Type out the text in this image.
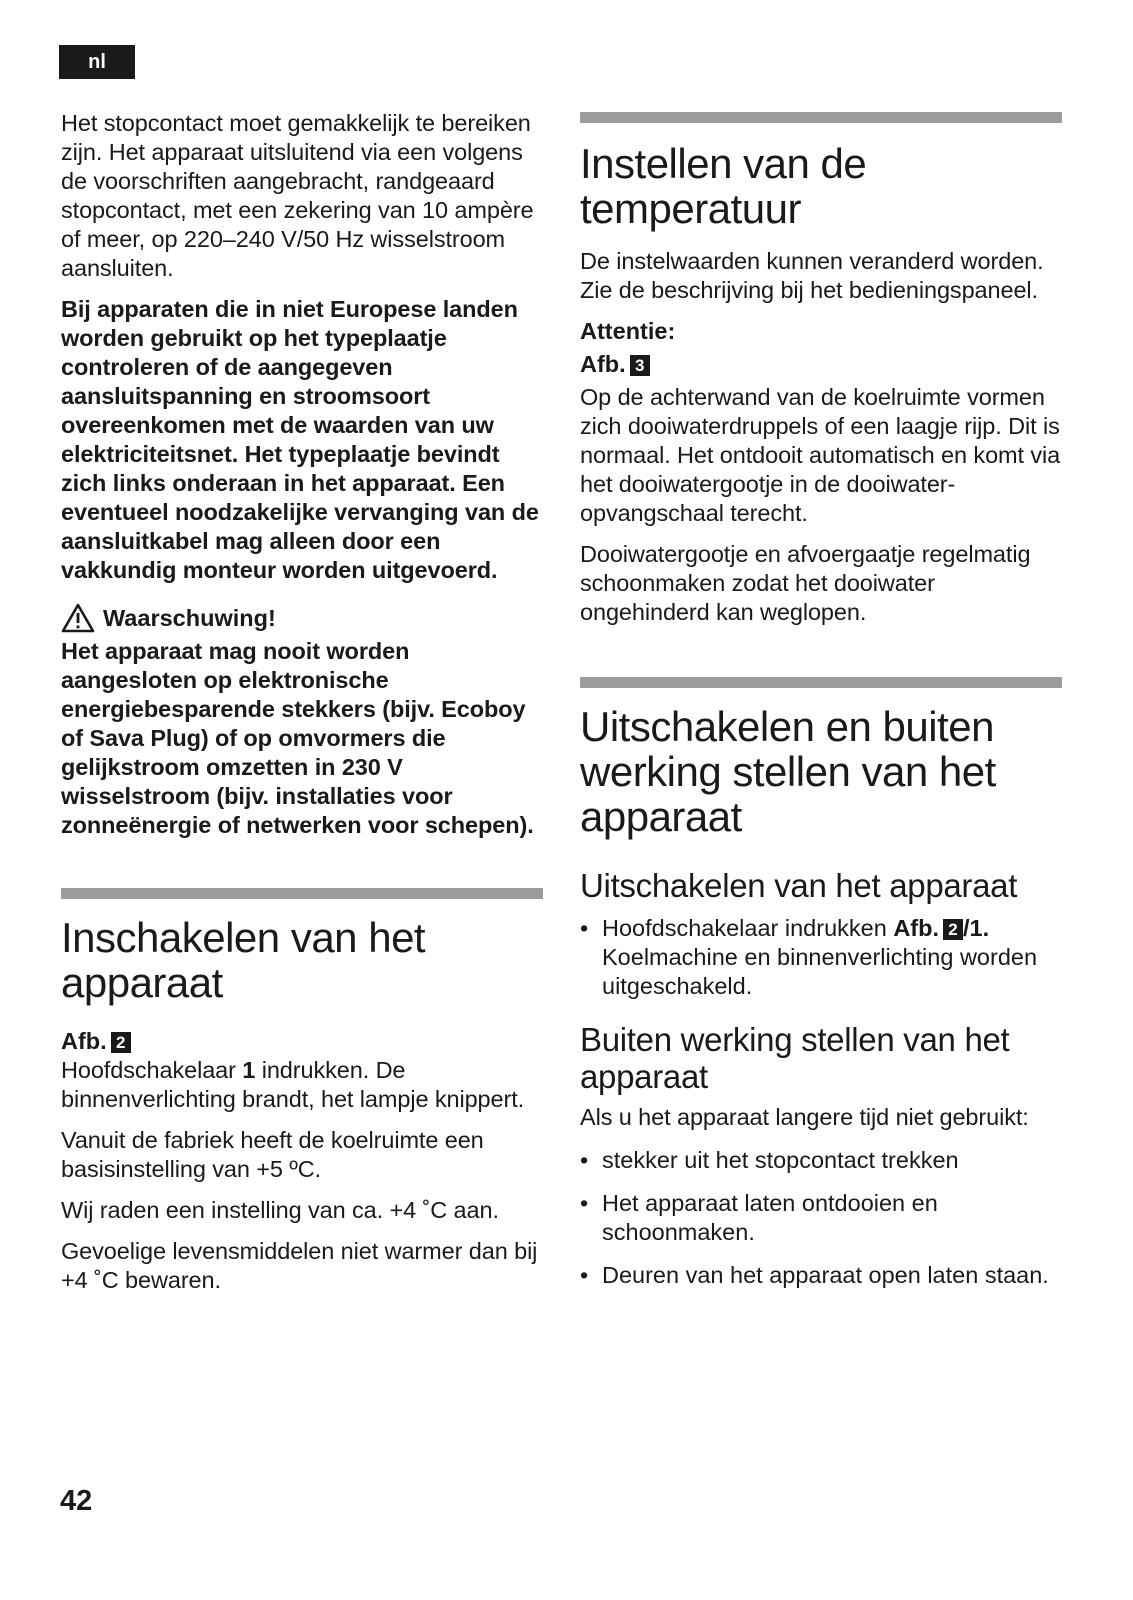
nl

Het stopcontact moet gemakkelijk te bereiken zijn. Het apparaat uitsluitend via een volgens de voorschriften aangebracht, randgeaard stopcontact, met een zekering van 10 ampère of meer, op 220–240 V/50 Hz wisselstroom aansluiten.

Bij apparaten die in niet Europese landen worden gebruikt op het typeplaatje controleren of de aangegeven aansluitspanning en stroomsoort overeenkomen met de waarden van uw elektriciteitsnet. Het typeplaatje bevindt zich links onderaan in het apparaat. Een eventueel noodzakelijke vervanging van de aansluitkabel mag alleen door een vakkundig monteur worden uitgevoerd.

Waarschuwing!

Het apparaat mag nooit worden aangesloten op elektronische energiebesparende stekkers (bijv. Ecoboy of Sava Plug) of op omvormers die gelijkstroom omzetten in 230 V wisselstroom (bijv. installaties voor zonneënergie of netwerken voor schepen).

Inschakelen van het apparaat
Afb. 2

Hoofdschakelaar 1 indrukken. De binnenverlichting brandt, het lampje knippert.

Vanuit de fabriek heeft de koelruimte een basisinstelling van +5 ºC.

Wij raden een instelling van ca. +4 ˚C aan.

Gevoelige levensmiddelen niet warmer dan bij +4 ˚C bewaren.

Instellen van de temperatuur

De instelwaarden kunnen veranderd worden. Zie de beschrijving bij het bedieningspaneel.

Attentie:
Afb. 3

Op de achterwand van de koelruimte vormen zich dooiwaterdruppels of een laagje rijp. Dit is normaal. Het ontdooit automatisch en komt via het dooiwatergootje in de dooiwater-opvangschaal terecht.

Dooiwatergootje en afvoergaatje regelmatig schoonmaken zodat het dooiwater ongehinderd kan weglopen.

Uitschakelen en buiten werking stellen van het apparaat
Uitschakelen van het apparaat
• Hoofdschakelaar indrukken Afb. 2 /1.
Koelmachine en binnenverlichting worden uitgeschakeld.
Buiten werking stellen van het apparaat

Als u het apparaat langere tijd niet gebruikt:

• stekker uit het stopcontact trekken
• Het apparaat laten ontdooien en schoonmaken.
• Deuren van het apparaat open laten staan.
42
